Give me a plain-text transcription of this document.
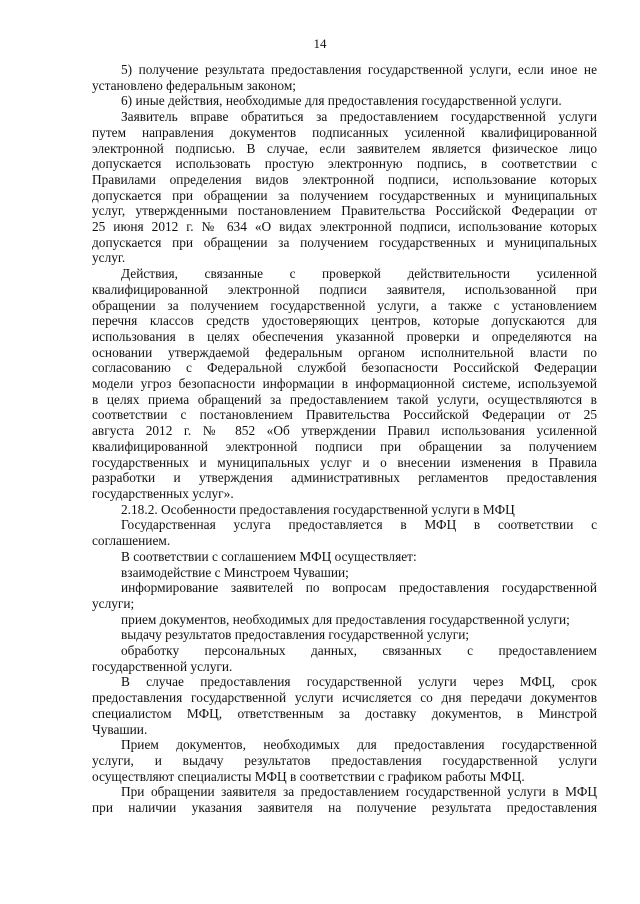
14
5) получение результата предоставления государственной услуги, если иное не
установлено федеральным законом;
6) иные действия, необходимые для предоставления государственной услуги.
Заявитель вправе обратиться за предоставлением государственной услуги
путем направления документов подписанных усиленной квалифицированной
электронной подписью. В случае, если заявителем является физическое лицо
допускается использовать простую электронную подпись, в соответствии с
Правилами определения видов электронной подписи, использование которых
допускается при обращении за получением государственных и муниципальных
услуг, утвержденными постановлением Правительства Российской Федерации от
25 июня 2012 г. № 634 «О видах электронной подписи, использование которых
допускается при обращении за получением государственных и муниципальных
услуг.
Действия, связанные с проверкой действительности усиленной
квалифицированной электронной подписи заявителя, использованной при
обращении за получением государственной услуги, а также с установлением
перечня классов средств удостоверяющих центров, которые допускаются для
использования в целях обеспечения указанной проверки и определяются на
основании утверждаемой федеральным органом исполнительной власти по
согласованию с Федеральной службой безопасности Российской Федерации
модели угроз безопасности информации в информационной системе, используемой
в целях приема обращений за предоставлением такой услуги, осуществляются в
соответствии с постановлением Правительства Российской Федерации от 25
августа 2012 г. № 852 «Об утверждении Правил использования усиленной
квалифицированной электронной подписи при обращении за получением
государственных и муниципальных услуг и о внесении изменения в Правила
разработки и утверждения административных регламентов предоставления
государственных услуг».
2.18.2. Особенности предоставления государственной услуги в МФЦ
Государственная услуга предоставляется в МФЦ в соответствии с
соглашением.
В соответствии с соглашением МФЦ осуществляет:
взаимодействие с Минстроем Чувашии;
информирование заявителей по вопросам предоставления государственной
услуги;
прием документов, необходимых для предоставления государственной услуги;
выдачу результатов предоставления государственной услуги;
обработку персональных данных, связанных с предоставлением
государственной услуги.
В случае предоставления государственной услуги через МФЦ, срок
предоставления государственной услуги исчисляется со дня передачи документов
специалистом МФЦ, ответственным за доставку документов, в Минстрой
Чувашии.
Прием документов, необходимых для предоставления государственной
услуги, и выдачу результатов предоставления государственной услуги
осуществляют специалисты МФЦ в соответствии с графиком работы МФЦ.
При обращении заявителя за предоставлением государственной услуги в МФЦ
при наличии указания заявителя на получение результата предоставления
